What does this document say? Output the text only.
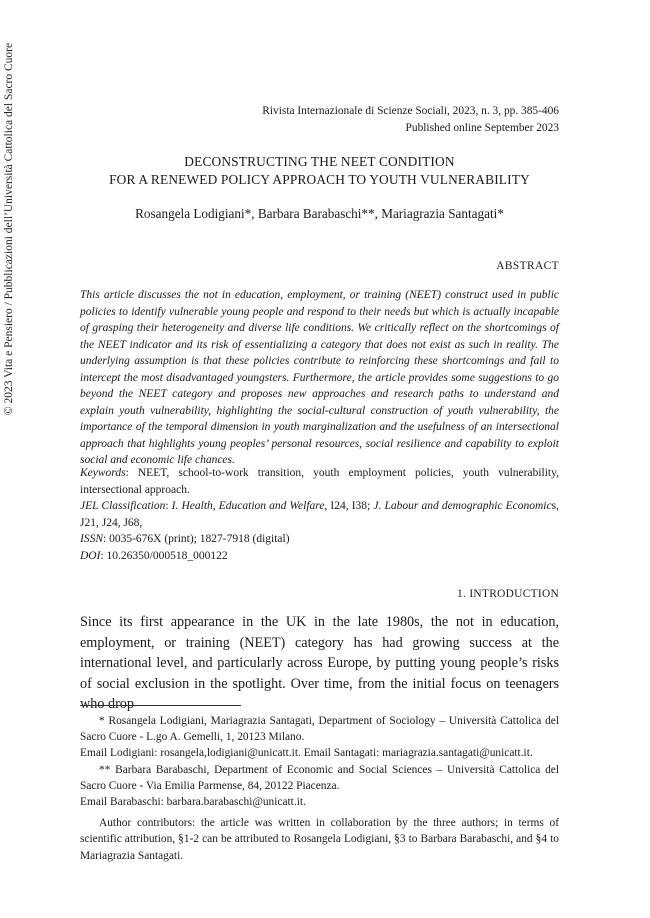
© 2023 Vita e Pensiero / Pubblicazioni dell’Università Cattolica del Sacro Cuore	Rivista Internazionale di Scienze Sociali, 2023, n. 3, pp. 385-406
Published online September 2023
DECONSTRUCTING THE NEET CONDITION
FOR A RENEWED POLICY APPROACH TO YOUTH VULNERABILITY
Rosangela Lodigiani*, Barbara Barabaschi**, Mariagrazia Santagati*
ABSTRACT
This article discusses the not in education, employment, or training (NEET) construct used in public policies to identify vulnerable young people and respond to their needs but which is actually incapable of grasping their heterogeneity and diverse life conditions. We critically reflect on the shortcomings of the NEET indicator and its risk of essentializing a category that does not exist as such in reality. The underlying assumption is that these policies contribute to reinforcing these shortcomings and fail to intercept the most disadvantaged youngsters. Furthermore, the article provides some suggestions to go beyond the NEET category and proposes new approaches and research paths to understand and explain youth vulnerability, highlighting the social-cultural construction of youth vulnerability, the importance of the temporal dimension in youth marginalization and the usefulness of an intersectional approach that highlights young peoples’ personal resources, social resilience and capability to exploit social and economic life chances.

Keywords: NEET, school-to-work transition, youth employment policies, youth vulnerability, intersectional approach.

JEL Classification: I. Health, Education and Welfare, I24, I38; J. Labour and demographic Economics, J21, J24, J68,

ISSN: 0035-676X (print); 1827-7918 (digital)

DOI: 10.26350/000518_000122

1. INTRODUCTION
Since its first appearance in the UK in the late 1980s, the not in education, employment, or training (NEET) category has had growing success at the international level, and particularly across Europe, by putting young people’s risks of social exclusion in the spotlight. Over time, from the initial focus on teenagers who drop

* Rosangela Lodigiani, Mariagrazia Santagati, Department of Sociology – Università Cattolica del Sacro Cuore - L.go A. Gemelli, 1, 20123 Milano.

Email Lodigiani: rosangela,lodigiani@unicatt.it. Email Santagati: mariagrazia.santagati@unicatt.it.

** Barbara Barabaschi, Department of Economic and Social Sciences – Università Cattolica del Sacro Cuore - Via Emilia Parmense, 84, 20122 Piacenza.

Email Barabaschi: barbara.barabaschi@unicatt.it.

Author contributors: the article was written in collaboration by the three authors; in terms of scientific attribution, §1-2 can be attributed to Rosangela Lodigiani, §3 to Barbara Barabaschi, and §4 to Mariagrazia Santagati.
